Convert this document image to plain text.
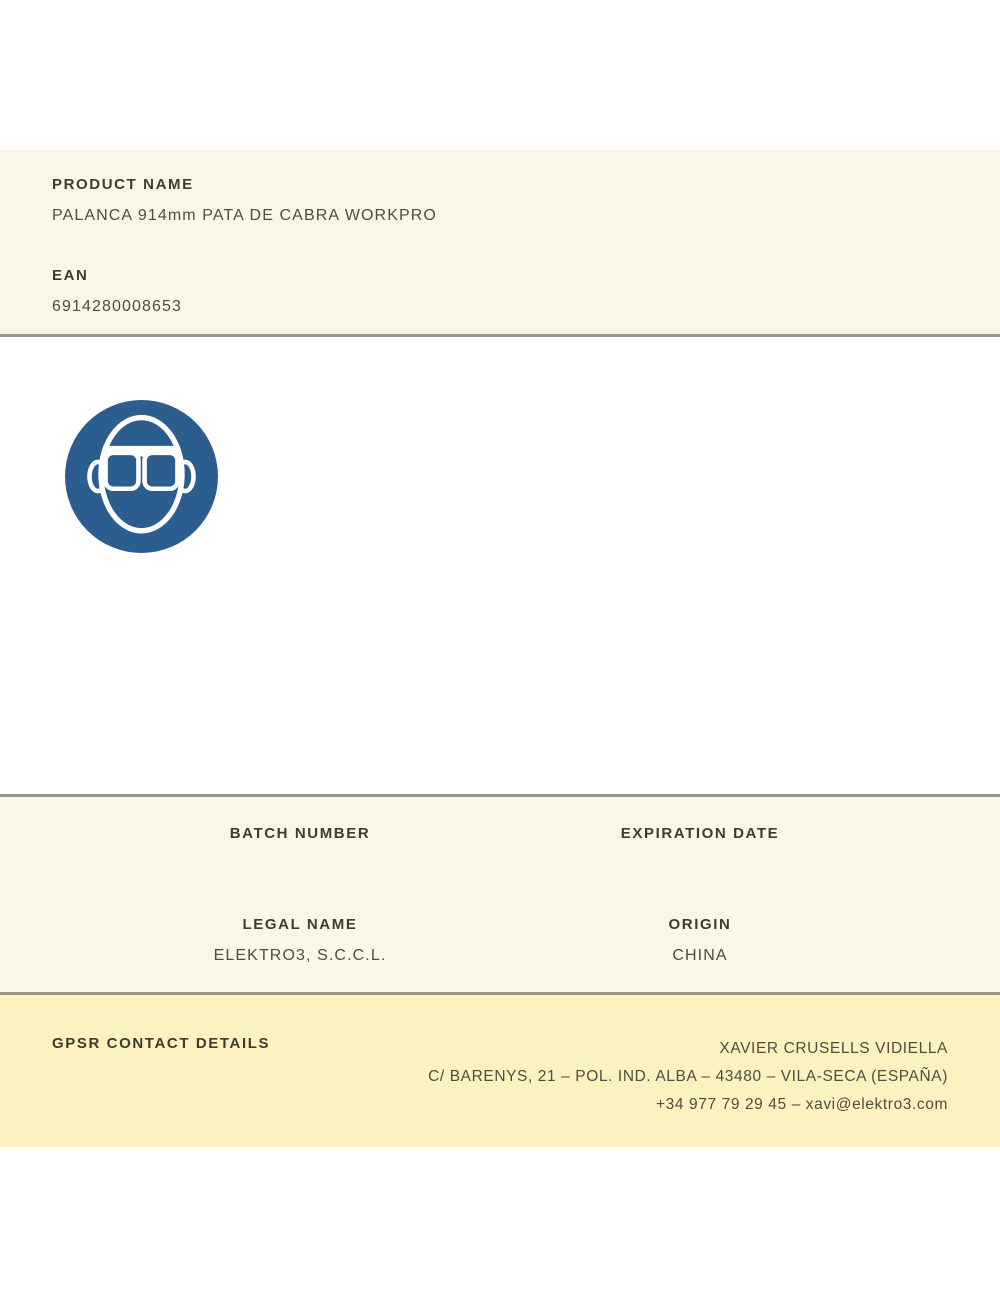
PRODUCT NAME
PALANCA 914mm PATA DE CABRA WORKPRO
EAN
6914280008653
BATCH NUMBER	EXPIRATION DATE
LEGAL NAME
ELEKTRO3, S.C.C.L.
ORIGIN
CHINA
GPSR CONTACT DETAILS	XAVIER CRUSELLS VIDIELLA
C/ BARENYS, 21 – POL. IND. ALBA – 43480 – VILA-SECA (ESPAÑA)
+34 977 79 29 45 – xavi@elektro3.com
